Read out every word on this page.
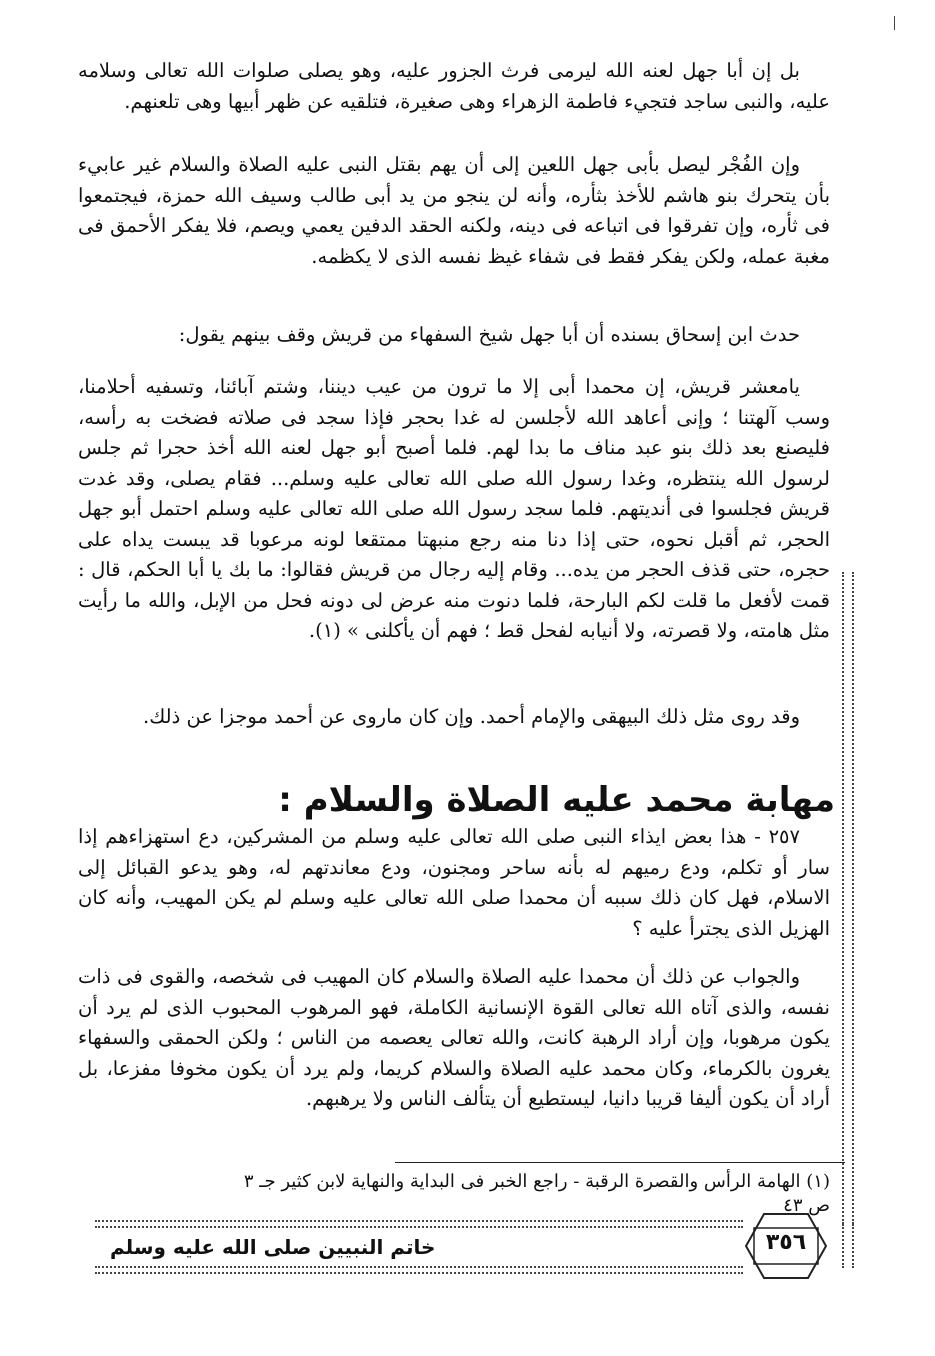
بل إن أبا جهل لعنه الله ليرمى فرث الجزور عليه، وهو يصلى صلوات الله تعالى وسلامه عليه، والنبى ساجد فتجيء فاطمة الزهراء وهى صغيرة، فتلقيه عن ظهر أبيها وهى تلعنهم.

وإن الفُجْر ليصل بأبى جهل اللعين إلى أن يهم بقتل النبى عليه الصلاة والسلام غير عابيء بأن يتحرك بنو هاشم للأخذ بثأره، وأنه لن ينجو من يد أبى طالب وسيف الله حمزة، فيجتمعوا فى ثأره، وإن تفرقوا فى اتباعه فى دينه، ولكنه الحقد الدفين يعمي ويصم، فلا يفكر الأحمق فى مغبة عمله، ولكن يفكر فقط فى شفاء غيظ نفسه الذى لا يكظمه.

حدث ابن إسحاق بسنده أن أبا جهل شيخ السفهاء من قريش وقف بينهم يقول:

يامعشر قريش، إن محمدا أبى إلا ما ترون من عيب ديننا، وشتم آبائنا، وتسفيه أحلامنا، وسب آلهتنا ؛ وإنى أعاهد الله لأجلسن له غدا بحجر فإذا سجد فى صلاته فضخت به رأسه، فليصنع بعد ذلك بنو عبد مناف ما بدا لهم. فلما أصبح أبو جهل لعنه الله أخذ حجرا ثم جلس لرسول الله ينتظره، وغدا رسول الله صلى الله تعالى عليه وسلم... فقام يصلى، وقد غدت قريش فجلسوا فى أنديتهم. فلما سجد رسول الله صلى الله تعالى عليه وسلم احتمل أبو جهل الحجر، ثم أقبل نحوه، حتى إذا دنا منه رجع منبهتا ممتقعا لونه مرعوبا قد يبست يداه على حجره، حتى قذف الحجر من يده... وقام إليه رجال من قريش فقالوا: ما بك يا أبا الحكم، قال : قمت لأفعل ما قلت لكم البارحة، فلما دنوت منه عرض لى دونه فحل من الإبل، والله ما رأيت مثل هامته، ولا قصرته، ولا أنيابه لفحل قط ؛ فهم أن يأكلنى » (١).

وقد روى مثل ذلك البيهقى والإمام أحمد. وإن كان ماروى عن أحمد موجزا عن ذلك.

مهابة محمد عليه الصلاة والسلام :

٢٥٧ - هذا بعض ايذاء النبى صلى الله تعالى عليه وسلم من المشركين، دع استهزاءهم إذا سار أو تكلم، ودع رميهم له بأنه ساحر ومجنون، ودع معاندتهم له، وهو يدعو القبائل إلى الاسلام، فهل كان ذلك سببه أن محمدا صلى الله تعالى عليه وسلم لم يكن المهيب، وأنه كان الهزيل الذى يجترأ عليه ؟

والجواب عن ذلك أن محمدا عليه الصلاة والسلام كان المهيب فى شخصه، والقوى فى ذات نفسه، والذى آتاه الله تعالى القوة الإنسانية الكاملة، فهو المرهوب المحبوب الذى لم يرد أن يكون مرهوبا، وإن أراد الرهبة كانت، والله تعالى يعصمه من الناس ؛ ولكن الحمقى والسفهاء يغرون بالكرماء، وكان محمد عليه الصلاة والسلام كريما، ولم يرد أن يكون مخوفا مفزعا، بل أراد أن يكون أليفا قريبا دانيا، ليستطيع أن يتألف الناس ولا يرهبهم.

(١) الهامة الرأس والقصرة الرقبة - راجع الخبر فى البداية والنهاية لابن كثير جـ ٣ ص ٤٣
٣٥٦
خاتم النبيين صلى الله عليه وسلم
